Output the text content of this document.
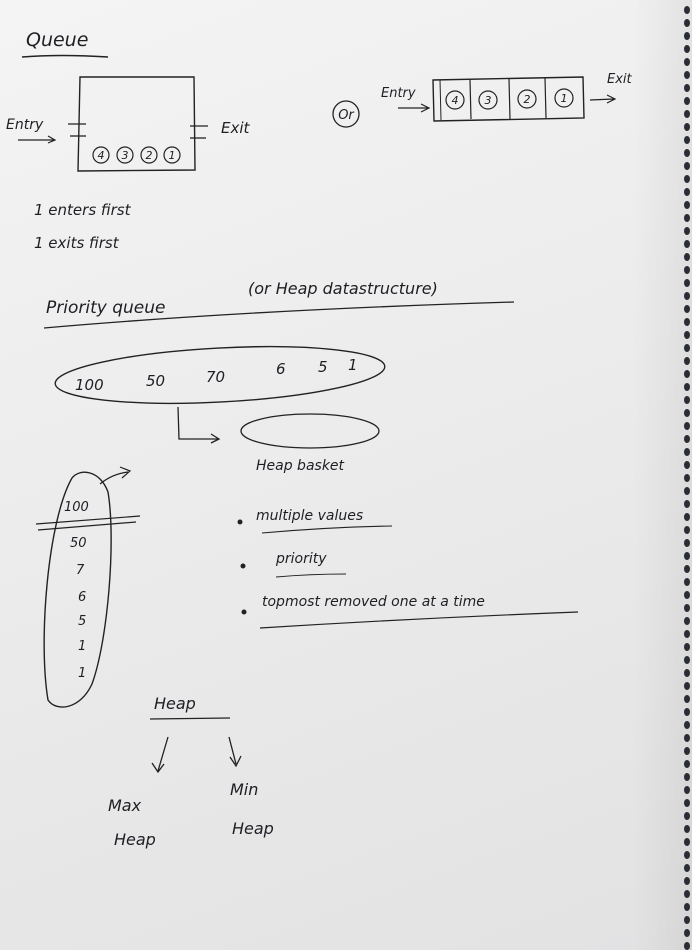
Queue
Entry	Exit
4 3 2 1
Or
Entry	4 3	2	1
Exit
1 enters first
1 exits first
Priority queue
(or Heap datastructure)
100	50	70	6 5 1
Heap basket
100
50
7
6
5
1
1
multiple values
priority
topmost removed one at a time
Heap
Max
Heap
Min
Heap
